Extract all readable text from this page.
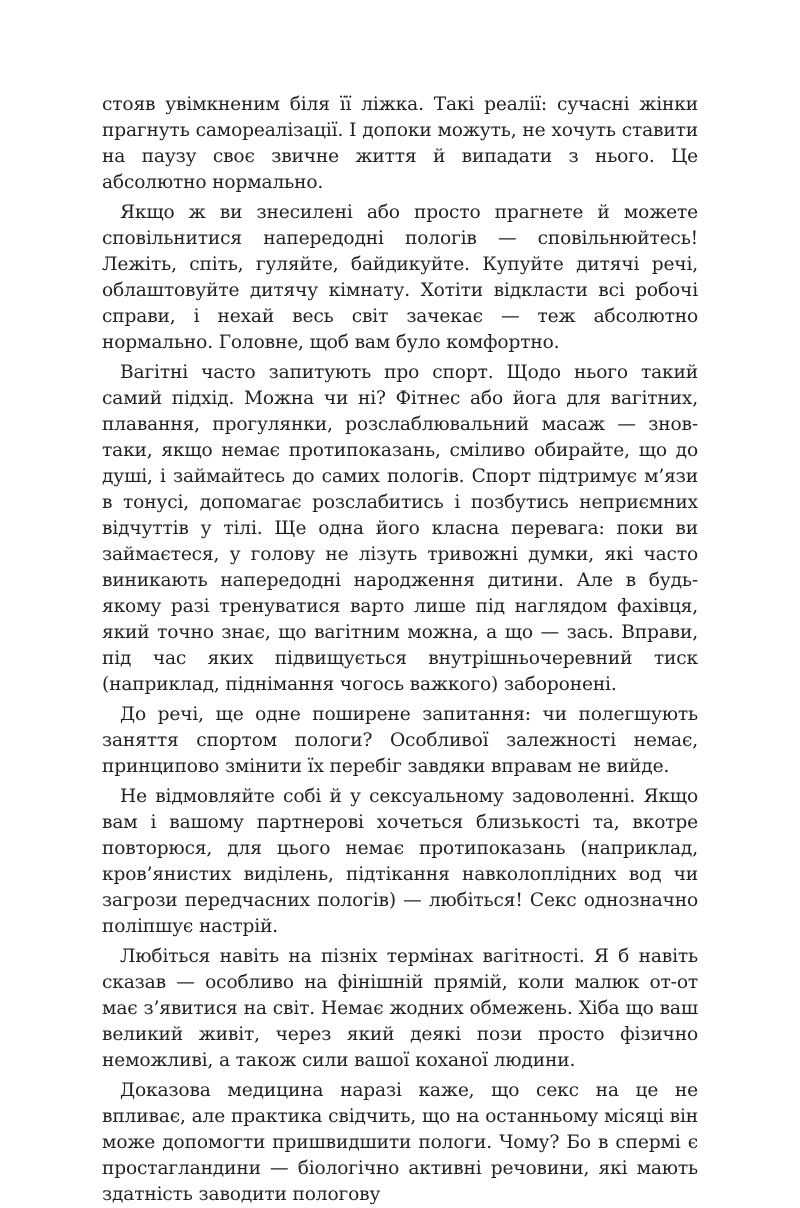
стояв увімкненим біля її ліжка. Такі реалії: сучасні жінки прагнуть самореалізації. І допоки можуть, не хочуть ставити на паузу своє звичне життя й випадати з нього. Це абсолютно нормально.

Якщо ж ви знесилені або просто прагнете й можете сповільнитися напередодні пологів — сповільнюйтесь! Лежіть, спіть, гуляйте, байдикуйте. Купуйте дитячі речі, облаштовуйте дитячу кімнату. Хотіти відкласти всі робочі справи, і нехай весь світ зачекає — теж абсолютно нормально. Головне, щоб вам було комфортно.

Вагітні часто запитують про спорт. Щодо нього такий самий підхід. Можна чи ні? Фітнес або йога для вагітних, плавання, прогулянки, розслаблювальний масаж — знов-таки, якщо немає протипоказань, сміливо обирайте, що до душі, і займайтесь до самих пологів. Спорт підтримує м’язи в тонусі, допомагає розслабитись і позбутись неприємних відчуттів у тілі. Ще одна його класна перевага: поки ви займаєтеся, у голову не лізуть тривожні думки, які часто виникають напередодні народження дитини. Але в будь-якому разі тренуватися варто лише під наглядом фахівця, який точно знає, що вагітним можна, а що — зась. Вправи, під час яких підвищується внутрішньочеревний тиск (наприклад, піднімання чогось важкого) заборонені.

До речі, ще одне поширене запитання: чи полегшують заняття спортом пологи? Особливої залежності немає, принципово змінити їх перебіг завдяки вправам не вийде.

Не відмовляйте собі й у сексуальному задоволенні. Якщо вам і вашому партнерові хочеться близькості та, вкотре повторюся, для цього немає протипоказань (наприклад, кров’янистих виділень, підтікання навколоплідних вод чи загрози передчасних пологів) — любіться! Секс однозначно поліпшує настрій.

Любіться навіть на пізніх термінах вагітності. Я б навіть сказав — особливо на фінішній прямій, коли малюк от-от має з’явитися на світ. Немає жодних обмежень. Хіба що ваш великий живіт, через який деякі пози просто фізично неможливі, а також сили вашої коханої людини.

Доказова медицина наразі каже, що секс на це не впливає, але практика свідчить, що на останньому місяці він може допомогти пришвидшити пологи. Чому? Бо в спермі є простагландини — біологічно активні речовини, які мають здатність заводити пологову
